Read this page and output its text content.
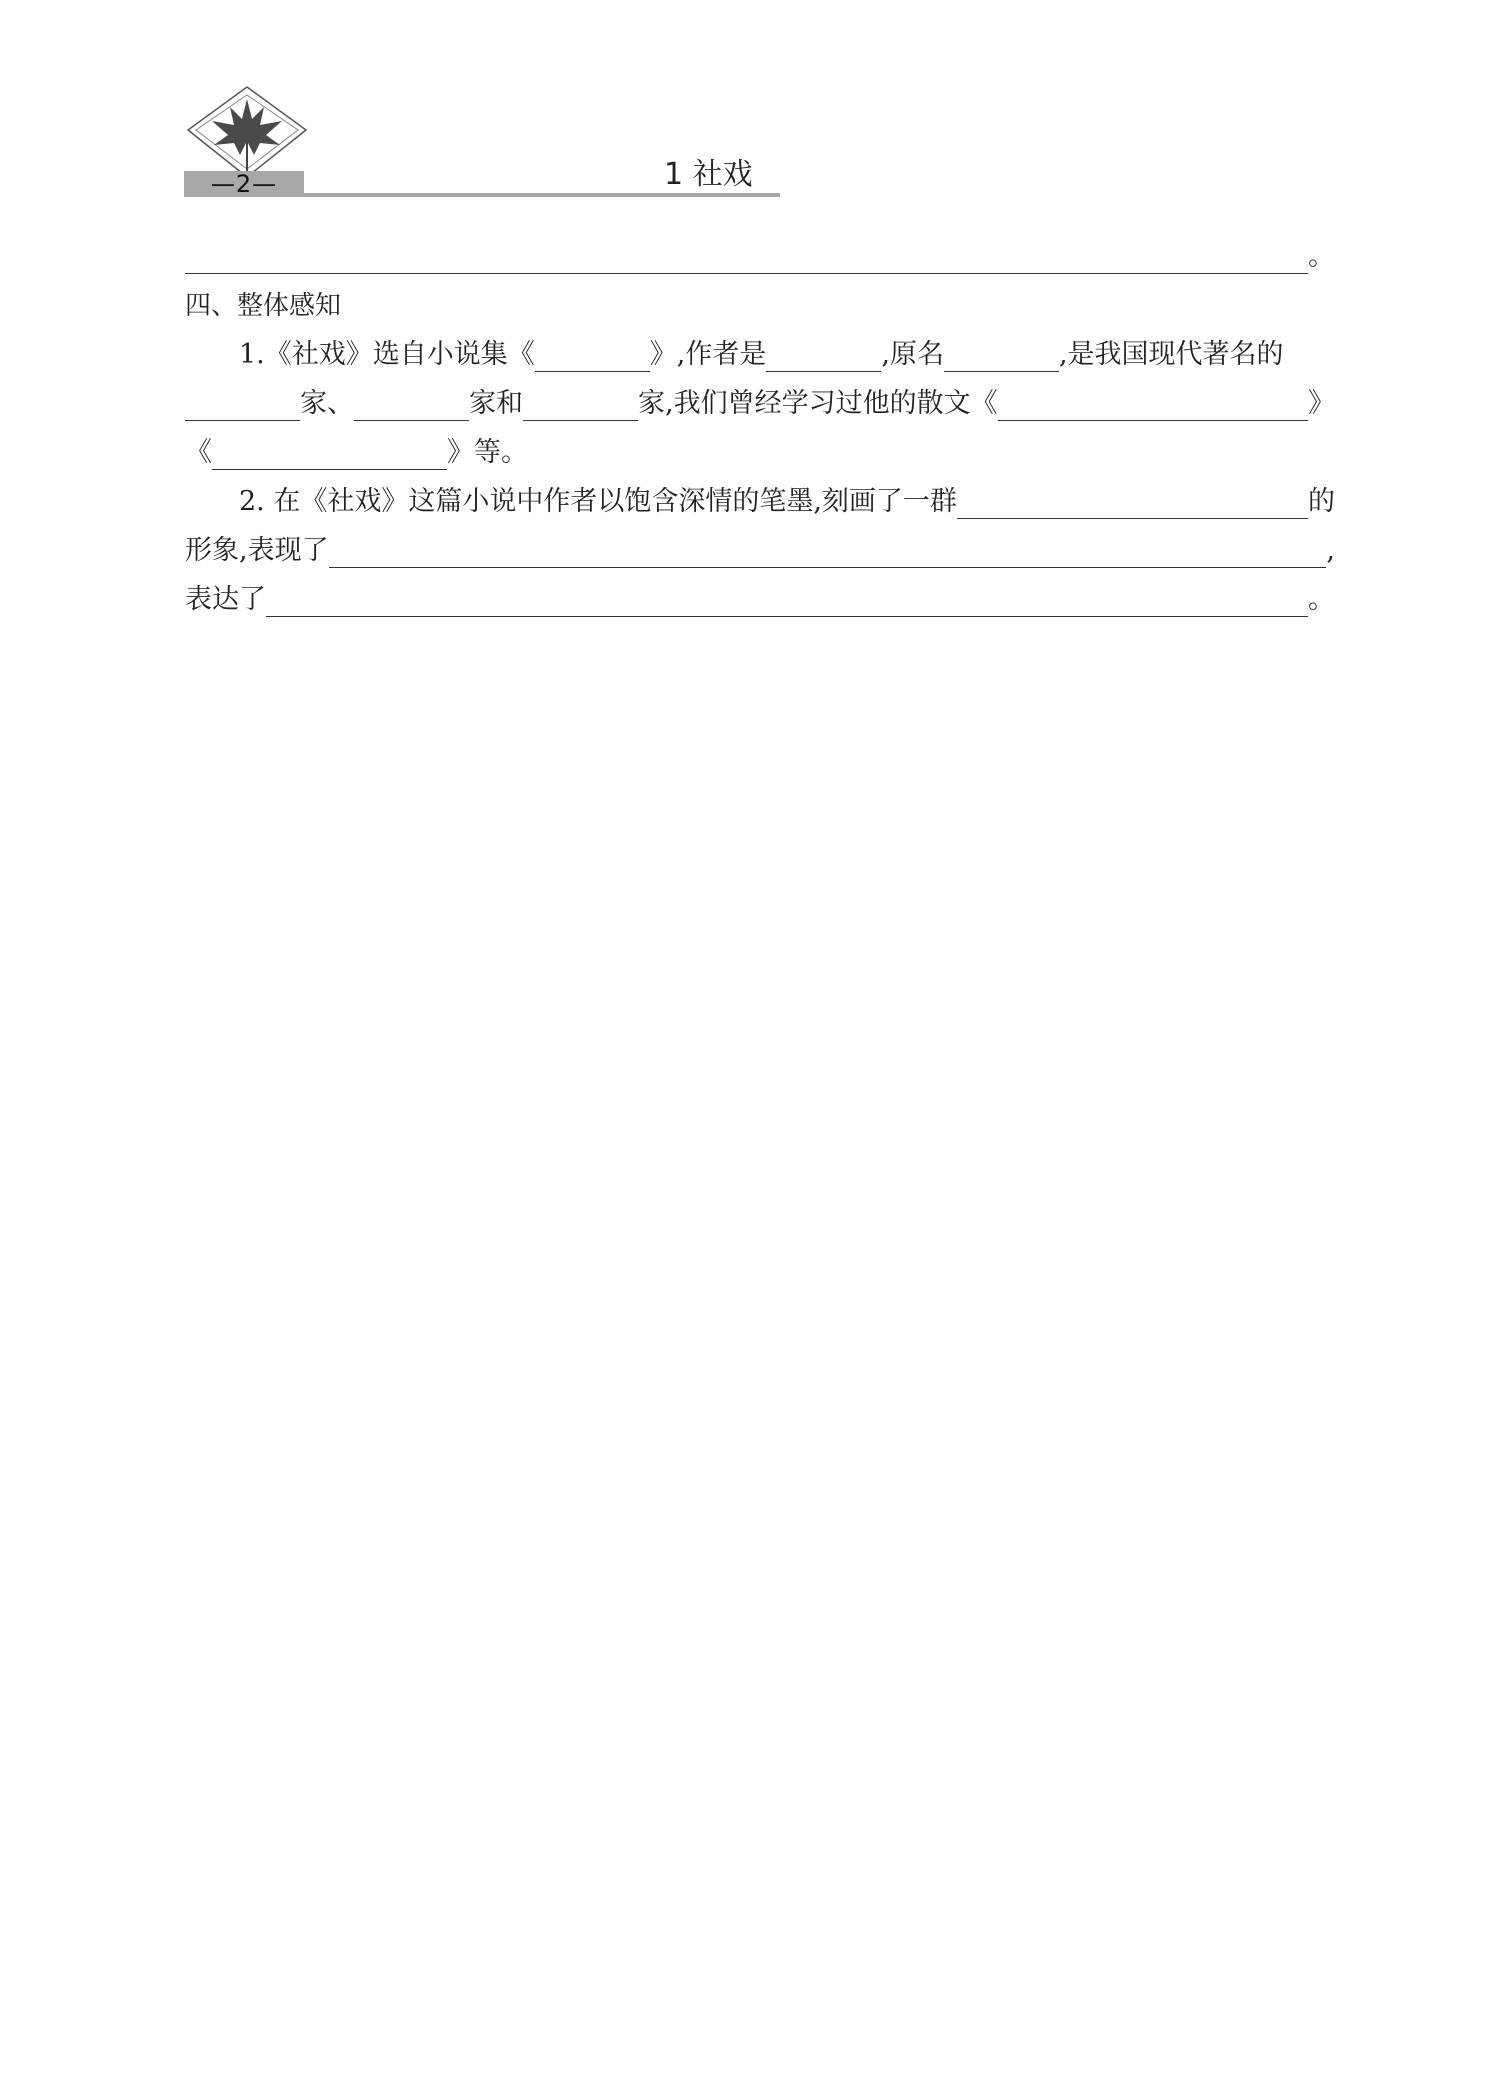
—2—	1 社戏
。
四、整体感知
1.《社戏》选自小说集《	》,作者是	,原名	,是我国现代著名的
家、	家和	家,我们曾经学习过他的散文《	》
《	》等。
2. 在《社戏》这篇小说中作者以饱含深情的笔墨,刻画了一群	的
形象,表现了	,
表达了	。
